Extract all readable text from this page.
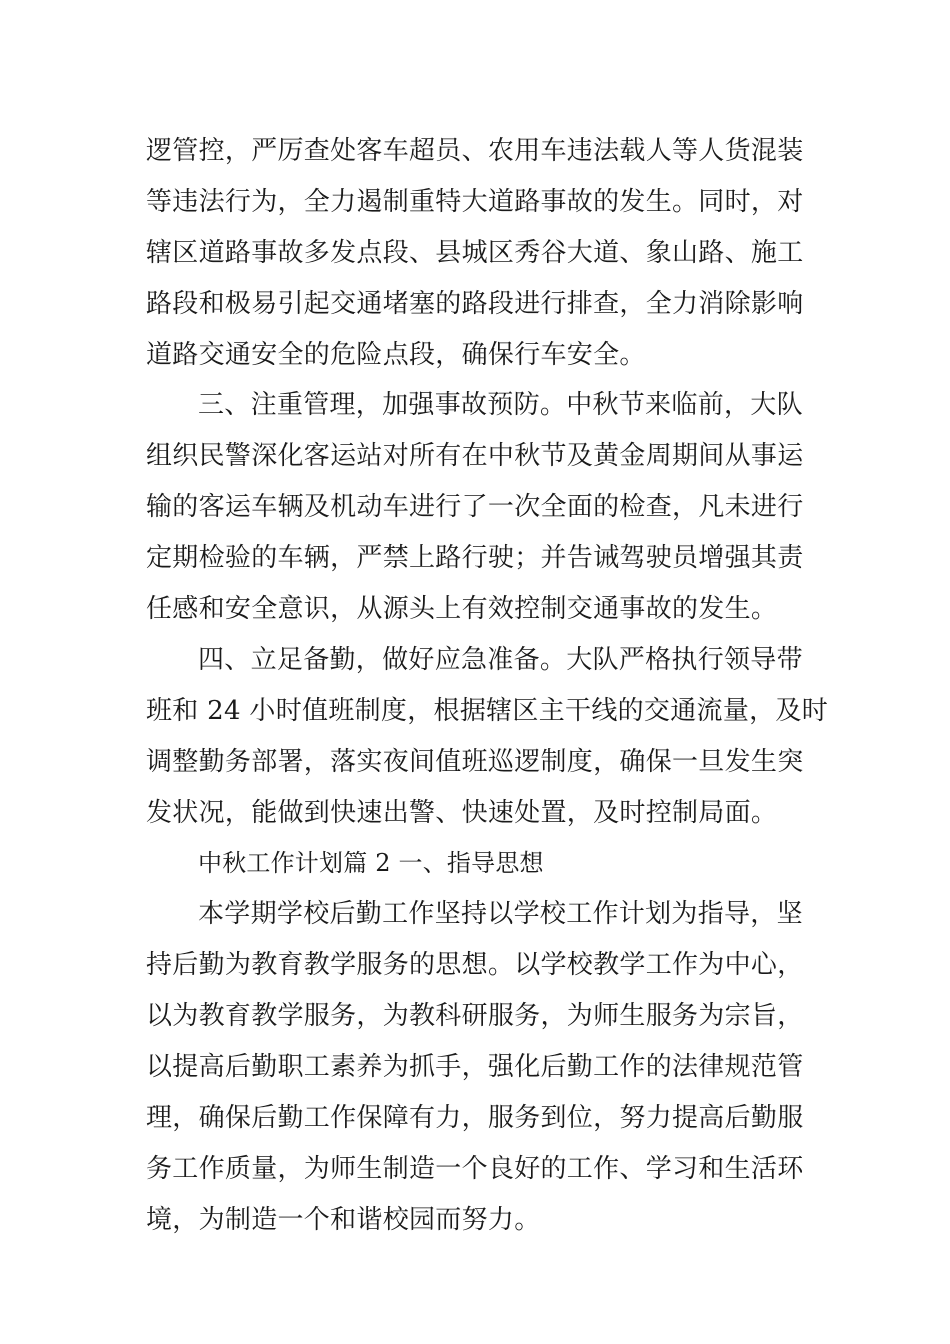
逻管控，严厉查处客车超员、农用车违法载人等人货混装
等违法行为，全力遏制重特大道路事故的发生。同时，对
辖区道路事故多发点段、县城区秀谷大道、象山路、施工
路段和极易引起交通堵塞的路段进行排查，全力消除影响
道路交通安全的危险点段，确保行车安全。
三、注重管理，加强事故预防。中秋节来临前，大队
组织民警深化客运站对所有在中秋节及黄金周期间从事运
输的客运车辆及机动车进行了一次全面的检查，凡未进行
定期检验的车辆，严禁上路行驶；并告诫驾驶员增强其责
任感和安全意识，从源头上有效控制交通事故的发生。
四、立足备勤，做好应急准备。大队严格执行领导带
班和 24 小时值班制度，根据辖区主干线的交通流量，及时
调整勤务部署，落实夜间值班巡逻制度，确保一旦发生突
发状况，能做到快速出警、快速处置，及时控制局面。
中秋工作计划篇 2 一、指导思想
本学期学校后勤工作坚持以学校工作计划为指导，坚
持后勤为教育教学服务的思想。以学校教学工作为中心，
以为教育教学服务，为教科研服务，为师生服务为宗旨，
以提高后勤职工素养为抓手，强化后勤工作的法律规范管
理，确保后勤工作保障有力，服务到位，努力提高后勤服
务工作质量，为师生制造一个良好的工作、学习和生活环
境，为制造一个和谐校园而努力。
